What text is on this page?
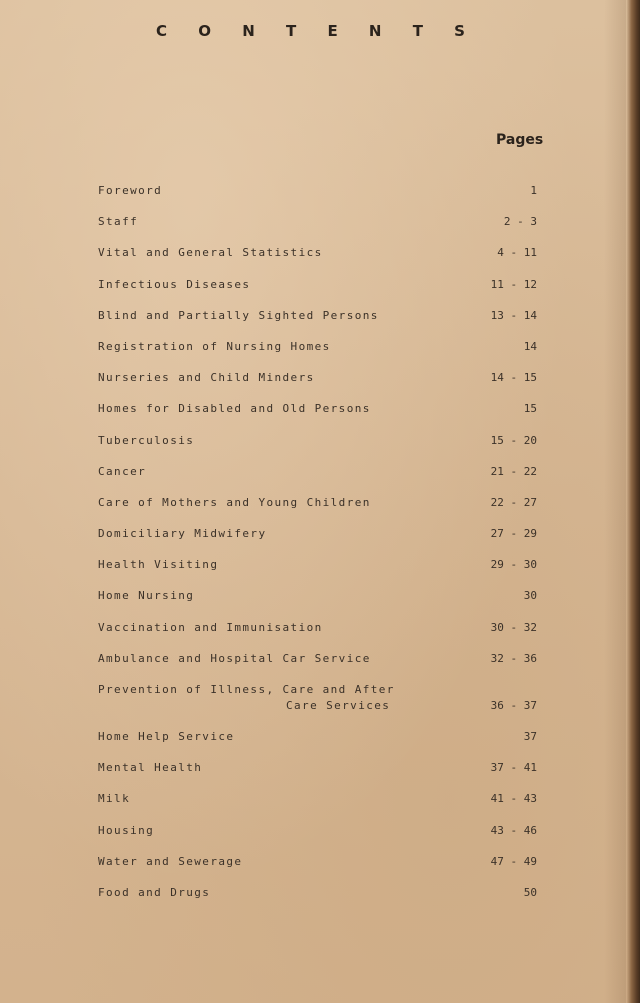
C O N T E N T S
Pages
Foreword	1
Staff	2 - 3
Vital and General Statistics	4 - 11
Infectious Diseases	11 - 12
Blind and Partially Sighted Persons	13 - 14
Registration of Nursing Homes	14
Nurseries and Child Minders	14 - 15
Homes for Disabled and Old Persons	15
Tuberculosis	15 - 20
Cancer	21 - 22
Care of Mothers and Young Children	22 - 27
Domiciliary Midwifery	27 - 29
Health Visiting	29 - 30
Home Nursing	30
Vaccination and Immunisation	30 - 32
Ambulance and Hospital Car Service	32 - 36
Prevention of Illness, Care and After
Care Services	36 - 37
Home Help Service	37
Mental Health	37 - 41
Milk	41 - 43
Housing	43 - 46
Water and Sewerage	47 - 49
Food and Drugs	50
